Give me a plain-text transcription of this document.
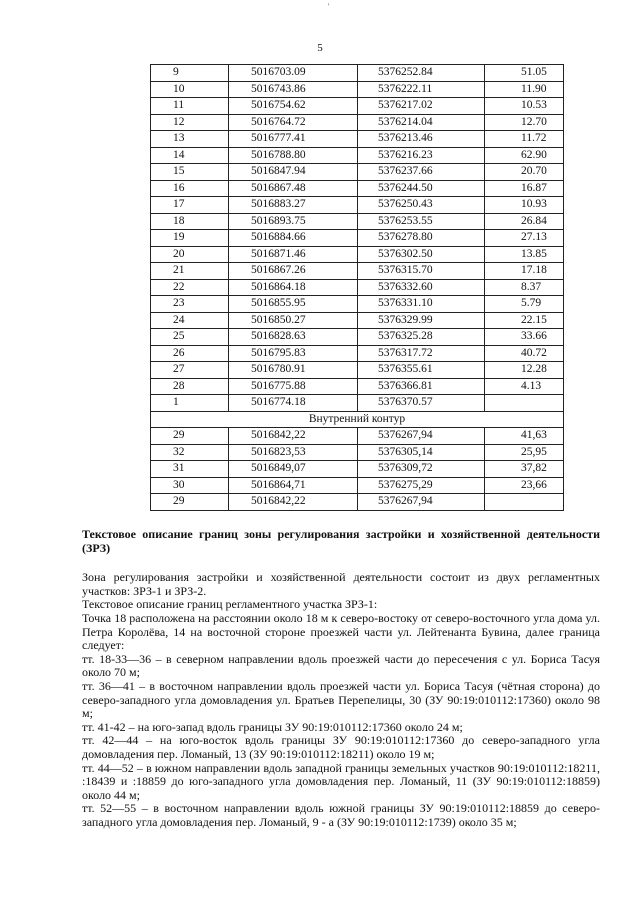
'
5
9	5016703.09	5376252.84	51.05
10	5016743.86	5376222.11	11.90
11	5016754.62	5376217.02	10.53
12	5016764.72	5376214.04	12.70
13	5016777.41	5376213.46	11.72
14	5016788.80	5376216.23	62.90
15	5016847.94	5376237.66	20.70
16	5016867.48	5376244.50	16.87
17	5016883.27	5376250.43	10.93
18	5016893.75	5376253.55	26.84
19	5016884.66	5376278.80	27.13
20	5016871.46	5376302.50	13.85
21	5016867.26	5376315.70	17.18
22	5016864.18	5376332.60	8.37
23	5016855.95	5376331.10	5.79
24	5016850.27	5376329.99	22.15
25	5016828.63	5376325.28	33.66
26	5016795.83	5376317.72	40.72
27	5016780.91	5376355.61	12.28
28	5016775.88	5376366.81	4.13
1	5016774.18	5376370.57	
Внутренний контур			
29	5016842,22	5376267,94	41,63
32	5016823,53	5376305,14	25,95
31	5016849,07	5376309,72	37,82
30	5016864,71	5376275,29	23,66
29	5016842,22	5376267,94	
Текстовое описание границ зоны регулирования застройки и хозяйственной деятельности (ЗРЗ)
Зона регулирования застройки и хозяйственной деятельности состоит из двух регламентных участков: ЗРЗ-1 и ЗРЗ-2.
Текстовое описание границ регламентного участка ЗРЗ-1:
Точка 18 расположена на расстоянии около 18 м к северо-востоку от северо-восточного угла дома ул. Петра Королёва, 14 на восточной стороне проезжей части ул. Лейтенанта Бувина, далее граница следует:
тт. 18-33—36 – в северном направлении вдоль проезжей части до пересечения с ул. Бориса Тасуя около 70 м;
тт. 36—41 – в восточном направлении вдоль проезжей части ул. Бориса Тасуя (чётная сторона) до северо-западного угла домовладения ул. Братьев Перепелицы, 30 (ЗУ 90:19:010112:17360) около 98 м;
тт. 41-42 – на юго-запад вдоль границы ЗУ 90:19:010112:17360 около 24 м;
тт. 42—44 – на юго-восток вдоль границы ЗУ 90:19:010112:17360 до северо-западного угла домовладения пер. Ломаный, 13 (ЗУ 90:19:010112:18211) около 19 м;
тт. 44—52 – в южном направлении вдоль западной границы земельных участков 90:19:010112:18211, :18439 и :18859 до юго-западного угла домовладения пер. Ломаный, 11 (ЗУ 90:19:010112:18859) около 44 м;
тт. 52—55 – в восточном направлении вдоль южной границы ЗУ 90:19:010112:18859 до северо-западного угла домовладения пер. Ломаный, 9 - а (ЗУ 90:19:010112:1739) около 35 м;
